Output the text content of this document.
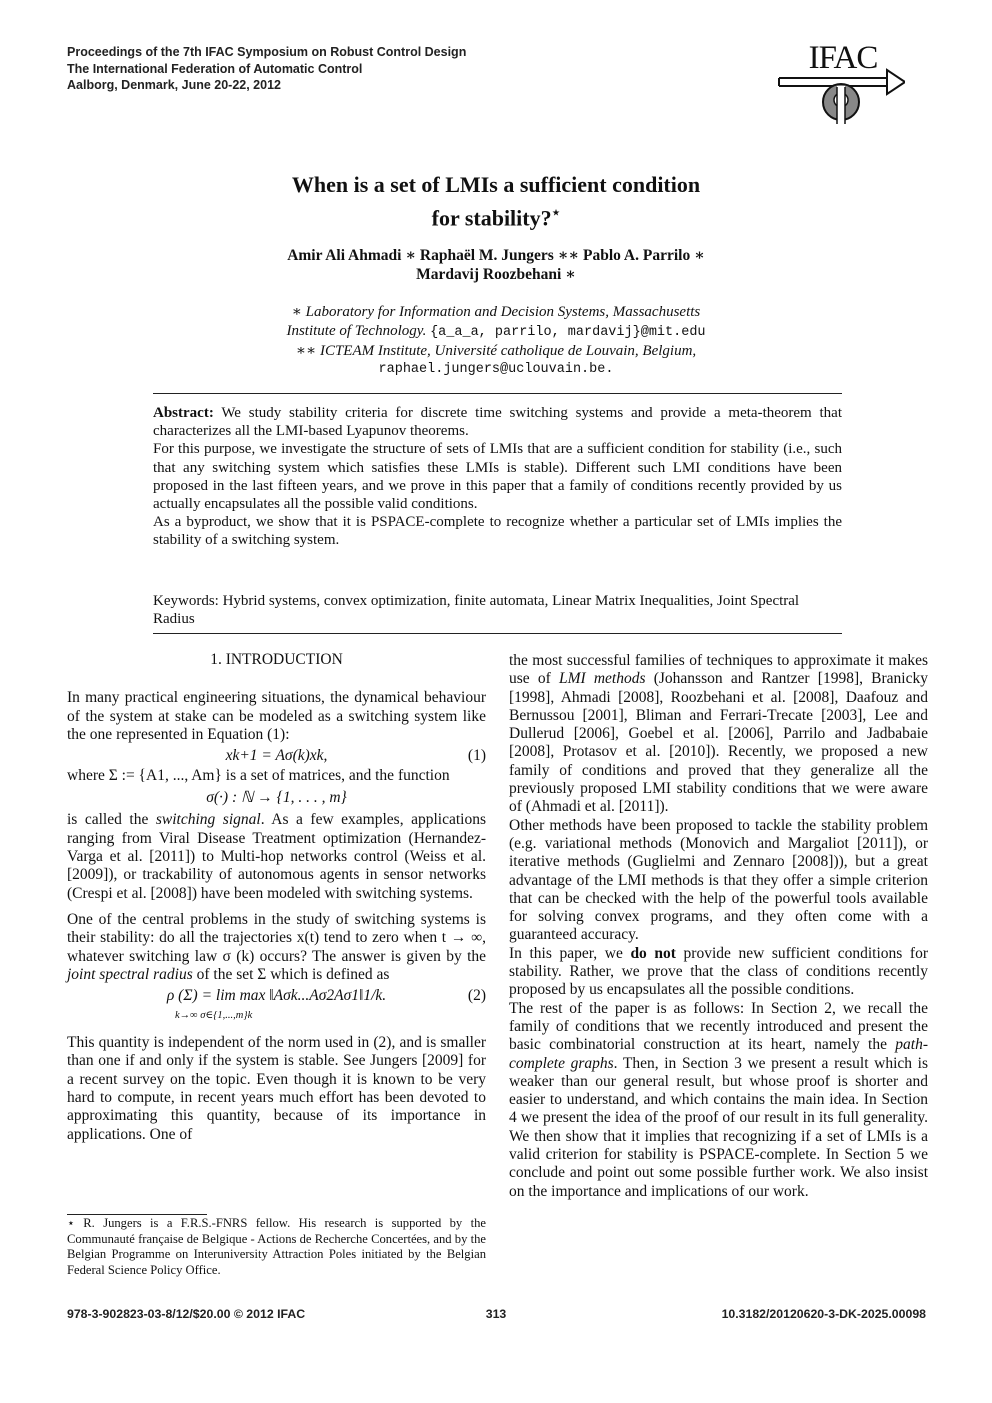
Proceedings of the 7th IFAC Symposium on Robust Control Design
The International Federation of Automatic Control
Aalborg, Denmark, June 20-22, 2012
IFAC
When is a set of LMIs a sufficient condition
for stability?⋆
Amir Ali Ahmadi ∗ Raphaël M. Jungers ∗∗ Pablo A. Parrilo ∗
Mardavij Roozbehani ∗
∗ Laboratory for Information and Decision Systems, Massachusetts
Institute of Technology. {a_a_a, parrilo, mardavij}@mit.edu
∗∗ ICTEAM Institute, Université catholique de Louvain, Belgium,
raphael.jungers@uclouvain.be.

Abstract: We study stability criteria for discrete time switching systems and provide a meta-theorem that characterizes all the LMI-based Lyapunov theorems.

For this purpose, we investigate the structure of sets of LMIs that are a sufficient condition for stability (i.e., such that any switching system which satisfies these LMIs is stable). Different such LMI conditions have been proposed in the last fifteen years, and we prove in this paper that a family of conditions recently provided by us actually encapsulates all the possible valid conditions.

As a byproduct, we show that it is PSPACE-complete to recognize whether a particular set of LMIs implies the stability of a switching system.

Keywords: Hybrid systems, convex optimization, finite automata, Linear Matrix Inequalities, Joint Spectral Radius
1. INTRODUCTION

In many practical engineering situations, the dynamical behaviour of the system at stake can be modeled as a switching system like the one represented in Equation (1):

xk+1 = Aσ(k)xk,	(1)

where Σ := {A1, ..., Am} is a set of matrices, and the function

σ(·) : ℕ → {1, . . . , m}

is called the switching signal. As a few examples, applications ranging from Viral Disease Treatment optimization (Hernandez-Varga et al. [2011]) to Multi-hop networks control (Weiss et al. [2009]), or trackability of autonomous agents in sensor networks (Crespi et al. [2008]) have been modeled with switching systems.

One of the central problems in the study of switching systems is their stability: do all the trajectories x(t) tend to zero when t → ∞, whatever switching law σ (k) occurs? The answer is given by the joint spectral radius of the set Σ which is defined as

ρ (Σ) = lim max ‖Aσk...Aσ2Aσ1‖1/k.	(2)
k→∞ σ∈{1,...,m}k

This quantity is independent of the norm used in (2), and is smaller than one if and only if the system is stable. See Jungers [2009] for a recent survey on the topic. Even though it is known to be very hard to compute, in recent years much effort has been devoted to approximating this quantity, because of its importance in applications. One of

⋆ R. Jungers is a F.R.S.-FNRS fellow. His research is supported by the Communauté française de Belgique - Actions de Recherche Concertées, and by the Belgian Programme on Interuniversity Attraction Poles initiated by the Belgian Federal Science Policy Office.

the most successful families of techniques to approximate it makes use of LMI methods (Johansson and Rantzer [1998], Branicky [1998], Ahmadi [2008], Roozbehani et al. [2008], Daafouz and Bernussou [2001], Bliman and Ferrari-Trecate [2003], Lee and Dullerud [2006], Goebel et al. [2006], Parrilo and Jadbabaie [2008], Protasov et al. [2010]). Recently, we proposed a new family of conditions and proved that they generalize all the previously proposed LMI stability conditions that we were aware of (Ahmadi et al. [2011]).

Other methods have been proposed to tackle the stability problem (e.g. variational methods (Monovich and Margaliot [2011]), or iterative methods (Guglielmi and Zennaro [2008])), but a great advantage of the LMI methods is that they offer a simple criterion that can be checked with the help of the powerful tools available for solving convex programs, and they often come with a guaranteed accuracy.

In this paper, we do not provide new sufficient conditions for stability. Rather, we prove that the class of conditions recently proposed by us encapsulates all the possible conditions.

The rest of the paper is as follows: In Section 2, we recall the family of conditions that we recently introduced and present the basic combinatorial construction at its heart, namely the path-complete graphs. Then, in Section 3 we present a result which is weaker than our general result, but whose proof is shorter and easier to understand, and which contains the main idea. In Section 4 we present the idea of the proof of our result in its full generality. We then show that it implies that recognizing if a set of LMIs is a valid criterion for stability is PSPACE-complete. In Section 5 we conclude and point out some possible further work. We also insist on the importance and implications of our work.

978-3-902823-03-8/12/$20.00 © 2012 IFAC	313	10.3182/20120620-3-DK-2025.00098
